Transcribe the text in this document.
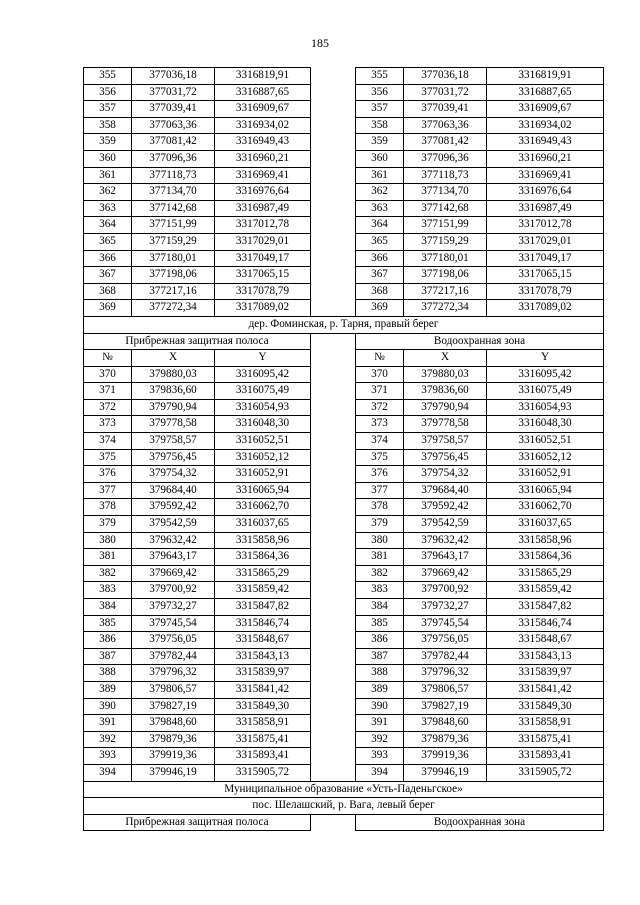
185
355	377036,18	3316819,91		355	377036,18	3316819,91
356	377031,72	3316887,65		356	377031,72	3316887,65
357	377039,41	3316909,67		357	377039,41	3316909,67
358	377063,36	3316934,02		358	377063,36	3316934,02
359	377081,42	3316949,43		359	377081,42	3316949,43
360	377096,36	3316960,21		360	377096,36	3316960,21
361	377118,73	3316969,41		361	377118,73	3316969,41
362	377134,70	3316976,64		362	377134,70	3316976,64
363	377142,68	3316987,49		363	377142,68	3316987,49
364	377151,99	3317012,78		364	377151,99	3317012,78
365	377159,29	3317029,01		365	377159,29	3317029,01
366	377180,01	3317049,17		366	377180,01	3317049,17
367	377198,06	3317065,15		367	377198,06	3317065,15
368	377217,16	3317078,79		368	377217,16	3317078,79
369	377272,34	3317089,02		369	377272,34	3317089,02
дер. Фоминская, р. Тарня, правый берег						
Прибрежная защитная полоса				Водоохранная зона		
№	X	Y		№	X	Y
370	379880,03	3316095,42		370	379880,03	3316095,42
371	379836,60	3316075,49		371	379836,60	3316075,49
372	379790,94	3316054,93		372	379790,94	3316054,93
373	379778,58	3316048,30		373	379778,58	3316048,30
374	379758,57	3316052,51		374	379758,57	3316052,51
375	379756,45	3316052,12		375	379756,45	3316052,12
376	379754,32	3316052,91		376	379754,32	3316052,91
377	379684,40	3316065,94		377	379684,40	3316065,94
378	379592,42	3316062,70		378	379592,42	3316062,70
379	379542,59	3316037,65		379	379542,59	3316037,65
380	379632,42	3315858,96		380	379632,42	3315858,96
381	379643,17	3315864,36		381	379643,17	3315864,36
382	379669,42	3315865,29		382	379669,42	3315865,29
383	379700,92	3315859,42		383	379700,92	3315859,42
384	379732,27	3315847,82		384	379732,27	3315847,82
385	379745,54	3315846,74		385	379745,54	3315846,74
386	379756,05	3315848,67		386	379756,05	3315848,67
387	379782,44	3315843,13		387	379782,44	3315843,13
388	379796,32	3315839,97		388	379796,32	3315839,97
389	379806,57	3315841,42		389	379806,57	3315841,42
390	379827,19	3315849,30		390	379827,19	3315849,30
391	379848,60	3315858,91		391	379848,60	3315858,91
392	379879,36	3315875,41		392	379879,36	3315875,41
393	379919,36	3315893,41		393	379919,36	3315893,41
394	379946,19	3315905,72		394	379946,19	3315905,72
Муниципальное образование «Усть-Паденьгское»						
пос. Шелашский, р. Вага, левый берег						
Прибрежная защитная полоса				Водоохранная зона		
